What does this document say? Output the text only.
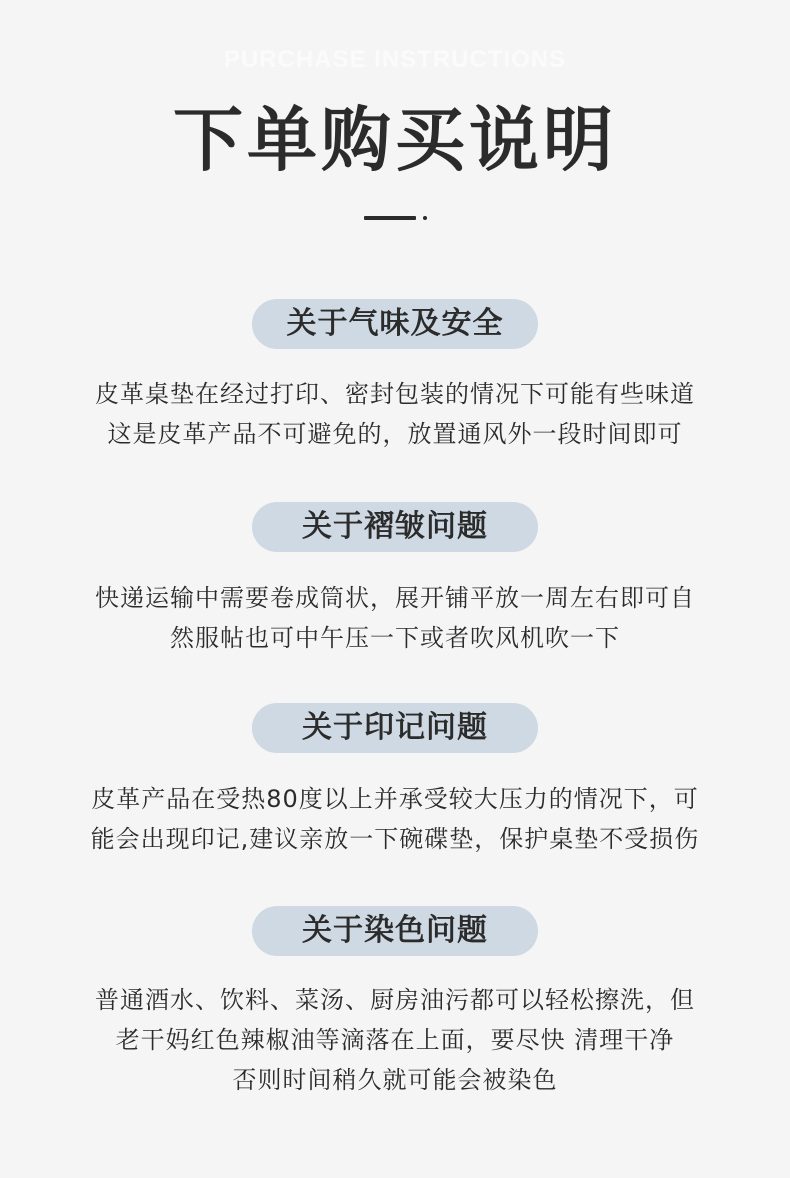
PURCHASE INSTRUCTIONS
下单购买说明
关于气味及安全
皮革桌垫在经过打印、密封包装的情况下可能有些味道
这是皮革产品不可避免的，放置通风外一段时间即可
关于褶皱问题
快递运输中需要卷成筒状，展开铺平放一周左右即可自
然服帖也可中午压一下或者吹风机吹一下
关于印记问题
皮革产品在受热80度以上并承受较大压力的情况下，可
能会出现印记,建议亲放一下碗碟垫，保护桌垫不受损伤
关于染色问题
普通酒水、饮料、菜汤、厨房油污都可以轻松擦洗，但
老干妈红色辣椒油等滴落在上面，要尽快 清理干净
否则时间稍久就可能会被染色
